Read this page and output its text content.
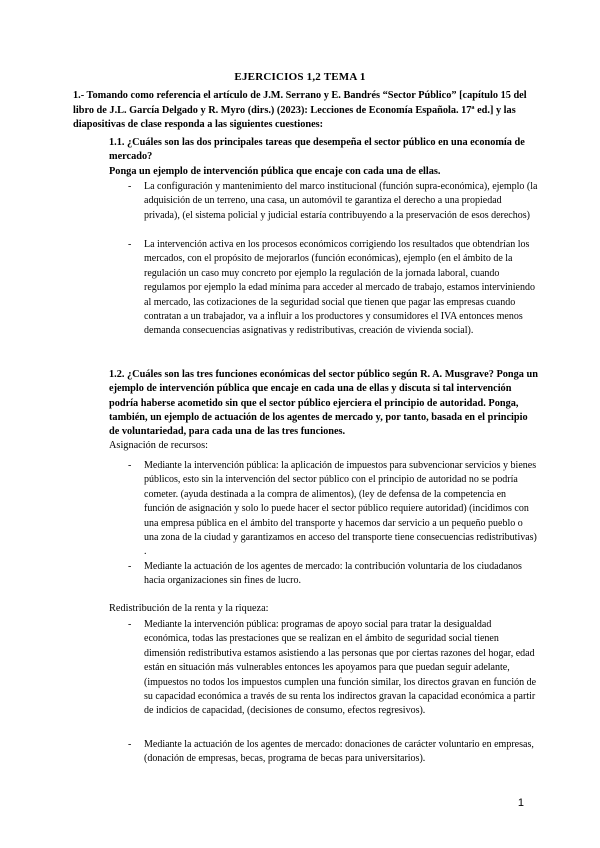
EJERCICIOS 1,2 TEMA 1
1.- Tomando como referencia el artículo de J.M. Serrano y E. Bandrés “Sector Público” [capítulo 15 del libro de J.L. García Delgado y R. Myro (dirs.) (2023): Lecciones de Economía Española. 17ª ed.] y las diapositivas de clase responda a las siguientes cuestiones:
1.1. ¿Cuáles son las dos principales tareas que desempeña el sector público en una economía de mercado?
Ponga un ejemplo de intervención pública que encaje con cada una de ellas.
- La configuración y mantenimiento del marco institucional (función supra-económica), ejemplo (la adquisición de un terreno, una casa, un automóvil te garantiza el derecho a una propiedad privada), (el sistema policial y judicial estaría contribuyendo a la preservación de esos derechos)
- La intervención activa en los procesos económicos corrigiendo los resultados que obtendrían los mercados, con el propósito de mejorarlos (función económicas), ejemplo (en el ámbito de la regulación un caso muy concreto por ejemplo la regulación de la jornada laboral, cuando regulamos por ejemplo la edad mínima para acceder al mercado de trabajo, estamos interviniendo al mercado, las cotizaciones de la seguridad social que tienen que pagar las empresas cuando contratan a un trabajador, va a influir a los productores y consumidores el IVA entonces menos demanda consecuencias asignativas y redistributivas, creación de vivienda social).
1.2. ¿Cuáles son las tres funciones económicas del sector público según R. A. Musgrave? Ponga un ejemplo de intervención pública que encaje en cada una de ellas y discuta si tal intervención podría haberse acometido sin que el sector público ejerciera el principio de autoridad. Ponga, también, un ejemplo de actuación de los agentes de mercado y, por tanto, basada en el principio de voluntariedad, para cada una de las tres funciones.
Asignación de recursos:
- Mediante la intervención pública: la aplicación de impuestos para subvencionar servicios y bienes públicos, esto sin la intervención del sector público con el principio de autoridad no se podría cometer. (ayuda destinada a la compra de alimentos), (ley de defensa de la competencia en función de asignación y solo lo puede hacer el sector público requiere autoridad) (incidimos con una empresa pública en el ámbito del transporte y hacemos dar servicio a un pequeño pueblo o una zona de la ciudad y garantizamos en acceso del transporte tiene consecuencias redistributivas) .
- Mediante la actuación de los agentes de mercado: la contribución voluntaria de los ciudadanos hacia organizaciones sin fines de lucro.
Redistribución de la renta y la riqueza:
- Mediante la intervención pública: programas de apoyo social para tratar la desigualdad económica, todas las prestaciones que se realizan en el ámbito de seguridad social tienen dimensión redistributiva estamos asistiendo a las personas que por ciertas razones del hogar, edad están en situación más vulnerables entonces les apoyamos para que puedan seguir adelante, (impuestos no todos los impuestos cumplen una función similar, los directos gravan en función de su capacidad económica a través de su renta los indirectos gravan la capacidad económica a partir de indicios de capacidad, (decisiones de consumo, efectos regresivos).
- Mediante la actuación de los agentes de mercado: donaciones de carácter voluntario en empresas, (donación de empresas, becas, programa de becas para universitarios).
1
